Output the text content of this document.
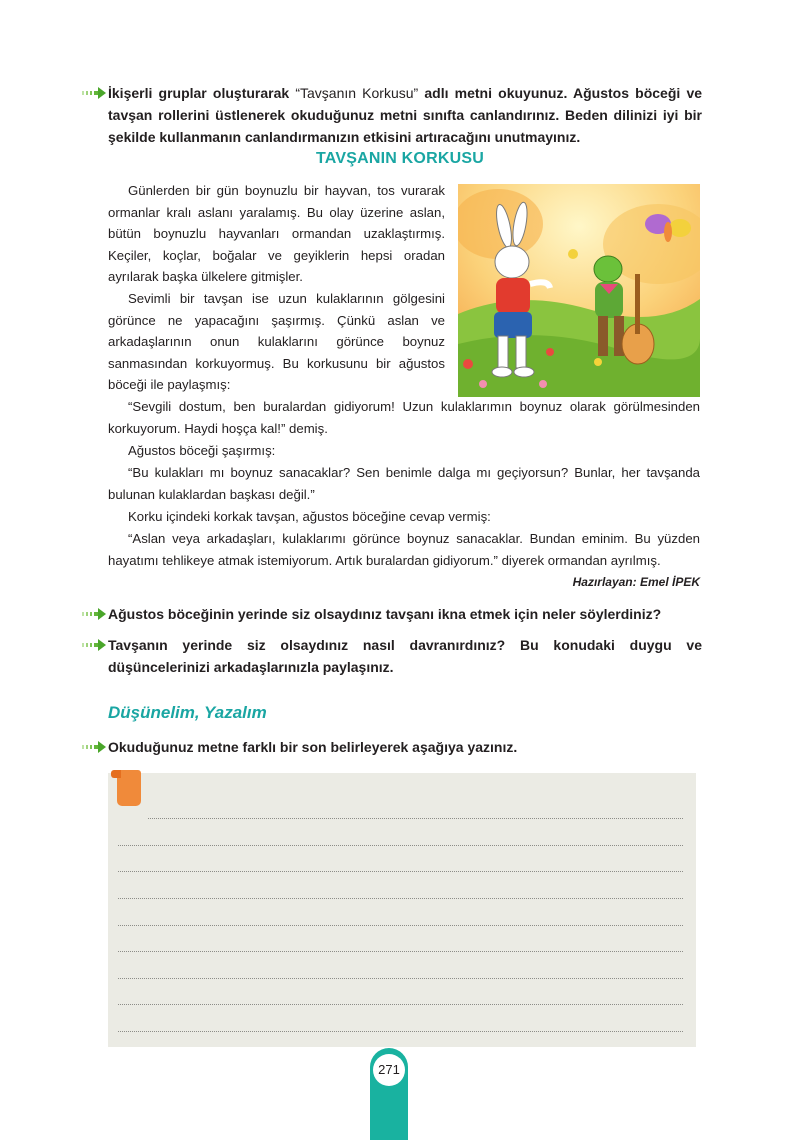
İkişerli gruplar oluşturarak “Tavşanın Korkusu” adlı metni okuyunuz. Ağustos böceği ve tavşan rollerini üstlenerek okuduğunuz metni sınıfta canlandırınız. Beden dilinizi iyi bir şekilde kullanmanın canlandırmanızın etkisini artıracağını unutmayınız.
TAVŞANIN KORKUSU

Günlerden bir gün boynuzlu bir hayvan, tos vurarak ormanlar kralı aslanı yaralamış. Bu olay üzerine aslan, bütün boynuzlu hayvanları ormandan uzaklaştırmış. Keçiler, koçlar, boğalar ve geyiklerin hepsi oradan ayrılarak başka ülkelere gitmişler.

Sevimli bir tavşan ise uzun kulaklarının gölgesini görünce ne yapacağını şaşırmış. Çünkü aslan ve arkadaşlarının onun kulaklarını görünce boynuz sanmasından korkuyormuş. Bu korkusunu bir ağustos böceği ile paylaşmış:

“Sevgili dostum, ben buralardan gidiyorum! Uzun kulaklarımın boynuz olarak görülmesinden korkuyorum. Haydi hoşça kal!” demiş.

Ağustos böceği şaşırmış:

“Bu kulakları mı boynuz sanacaklar? Sen benimle dalga mı geçiyorsun? Bunlar, her tavşanda bulunan kulaklardan başkası değil.”

Korku içindeki korkak tavşan, ağustos böceğine cevap vermiş:

“Aslan veya arkadaşları, kulaklarımı görünce boynuz sanacaklar. Bundan eminim. Bu yüzden hayatımı tehlikeye atmak istemiyorum. Artık buralardan gidiyorum.” diyerek ormandan ayrılmış.

Hazırlayan: Emel İPEK
Ağustos böceğinin yerinde siz olsaydınız tavşanı ikna etmek için neler söylerdiniz?
Tavşanın yerinde siz olsaydınız nasıl davranırdınız? Bu konudaki duygu ve düşüncelerinizi arkadaşlarınızla paylaşınız.
Düşünelim, Yazalım
Okuduğunuz metne farklı bir son belirleyerek aşağıya yazınız.
271
